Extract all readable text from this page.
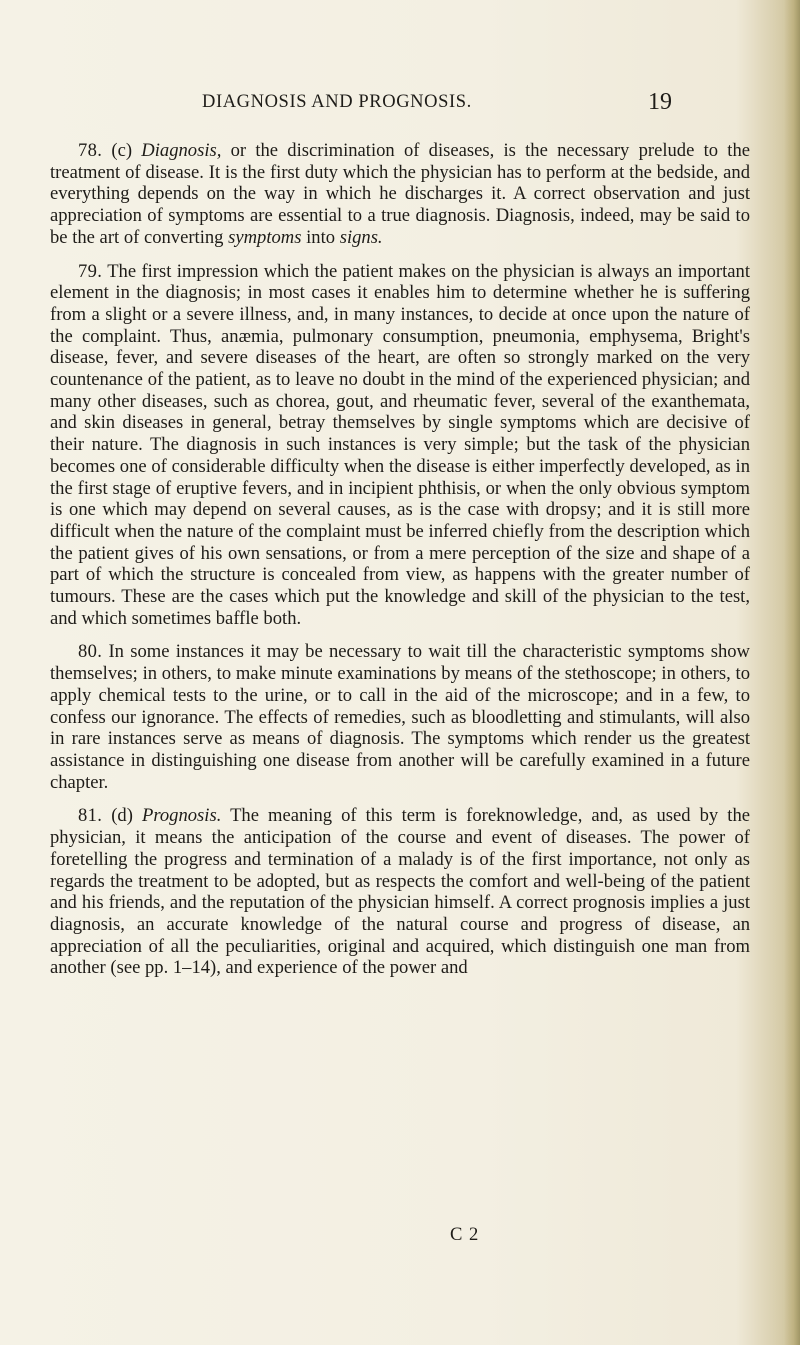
DIAGNOSIS AND PROGNOSIS.	19

78. (c) Diagnosis, or the discrimination of diseases, is the necessary prelude to the treatment of disease. It is the first duty which the physician has to perform at the bedside, and everything depends on the way in which he discharges it. A correct observation and just appreciation of symptoms are essential to a true diagnosis. Diagnosis, indeed, may be said to be the art of converting symptoms into signs.

79. The first impression which the patient makes on the physician is always an important element in the diagnosis; in most cases it enables him to determine whether he is suffering from a slight or a severe illness, and, in many instances, to decide at once upon the nature of the complaint. Thus, anæmia, pulmonary consumption, pneumonia, emphysema, Bright's disease, fever, and severe diseases of the heart, are often so strongly marked on the very countenance of the patient, as to leave no doubt in the mind of the experienced physician; and many other diseases, such as chorea, gout, and rheumatic fever, several of the exanthemata, and skin diseases in general, betray themselves by single symptoms which are decisive of their nature. The diagnosis in such instances is very simple; but the task of the physician becomes one of considerable difficulty when the disease is either imperfectly developed, as in the first stage of eruptive fevers, and in incipient phthisis, or when the only obvious symptom is one which may depend on several causes, as is the case with dropsy; and it is still more difficult when the nature of the complaint must be inferred chiefly from the description which the patient gives of his own sensations, or from a mere perception of the size and shape of a part of which the structure is concealed from view, as happens with the greater number of tumours. These are the cases which put the knowledge and skill of the physician to the test, and which sometimes baffle both.

80. In some instances it may be necessary to wait till the characteristic symptoms show themselves; in others, to make minute examinations by means of the stethoscope; in others, to apply chemical tests to the urine, or to call in the aid of the microscope; and in a few, to confess our ignorance. The effects of remedies, such as bloodletting and stimulants, will also in rare instances serve as means of diagnosis. The symptoms which render us the greatest assistance in distinguishing one disease from another will be carefully examined in a future chapter.

81. (d) Prognosis. The meaning of this term is foreknowledge, and, as used by the physician, it means the anticipation of the course and event of diseases. The power of foretelling the progress and termination of a malady is of the first importance, not only as regards the treatment to be adopted, but as respects the comfort and well-being of the patient and his friends, and the reputation of the physician himself. A correct prognosis implies a just diagnosis, an accurate knowledge of the natural course and progress of disease, an appreciation of all the peculiarities, original and acquired, which distinguish one man from another (see pp. 1–14), and experience of the power and

C 2
